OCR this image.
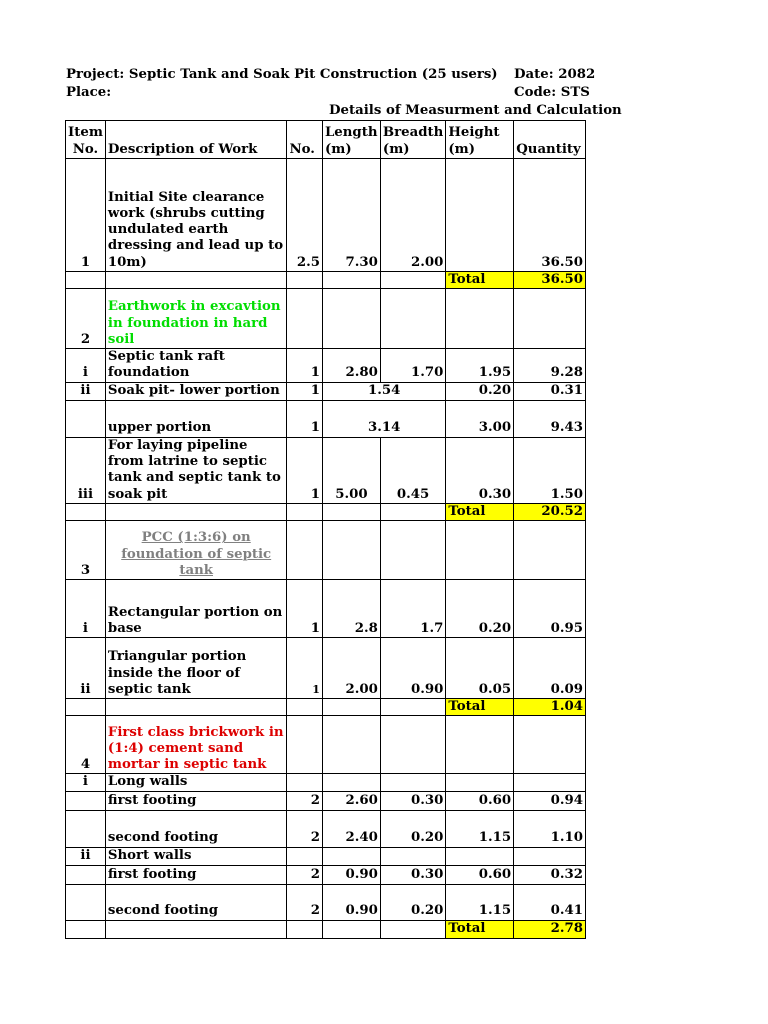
Project: Septic Tank and Soak Pit Construction (25 users) Date: 2082
Place:	Code: STS
Details of Measurment and Calculation
Item No.	Description of Work	No.	Length (m)	Breadth (m)	Height (m)	Quantity
1	Initial Site clearance work (shrubs cutting undulated earth dressing and lead up to 10m)	2.5	7.30	2.00		36.50
					Total	36.50
2	Earthwork in excavtion in foundation in hard soil					
i	Septic tank raft foundation	1	2.80	1.70	1.95	9.28
ii	Soak pit- lower portion	1	1.54		0.20	0.31
	upper portion	1	3.14		3.00	9.43
iii	For laying pipeline from latrine to septic tank and septic tank to soak pit	1	5.00	0.45	0.30	1.50
					Total	20.52
3	PCC (1:3:6) on foundation of septic tank					
i	Rectangular portion on base	1	2.8	1.7	0.20	0.95
ii	Triangular portion inside the floor of septic tank	1	2.00	0.90	0.05	0.09
					Total	1.04
4	First class brickwork in (1:4) cement sand mortar in septic tank					
i	Long walls					
	first footing	2	2.60	0.30	0.60	0.94
	second footing	2	2.40	0.20	1.15	1.10
ii	Short walls					
	first footing	2	0.90	0.30	0.60	0.32
	second footing	2	0.90	0.20	1.15	0.41
					Total	2.78
